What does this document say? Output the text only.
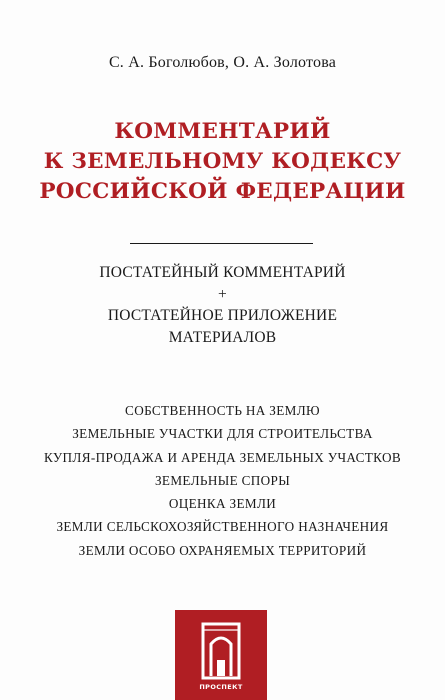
С. А. Боголюбов, О. А. Золотова
КОММЕНТАРИЙ
К ЗЕМЕЛЬНОМУ КОДЕКСУ
РОССИЙСКОЙ ФЕДЕРАЦИИ
ПОСТАТЕЙНЫЙ КОММЕНТАРИЙ
+
ПОСТАТЕЙНОЕ ПРИЛОЖЕНИЕ
МАТЕРИАЛОВ
СОБСТВЕННОСТЬ НА ЗЕМЛЮ
ЗЕМЕЛЬНЫЕ УЧАСТКИ ДЛЯ СТРОИТЕЛЬСТВА
КУПЛЯ-ПРОДАЖА И АРЕНДА ЗЕМЕЛЬНЫХ УЧАСТКОВ
ЗЕМЕЛЬНЫЕ СПОРЫ
ОЦЕНКА ЗЕМЛИ
ЗЕМЛИ СЕЛЬСКОХОЗЯЙСТВЕННОГО НАЗНАЧЕНИЯ
ЗЕМЛИ ОСОБО ОХРАНЯЕМЫХ ТЕРРИТОРИЙ
ПРОСПЕКТ
